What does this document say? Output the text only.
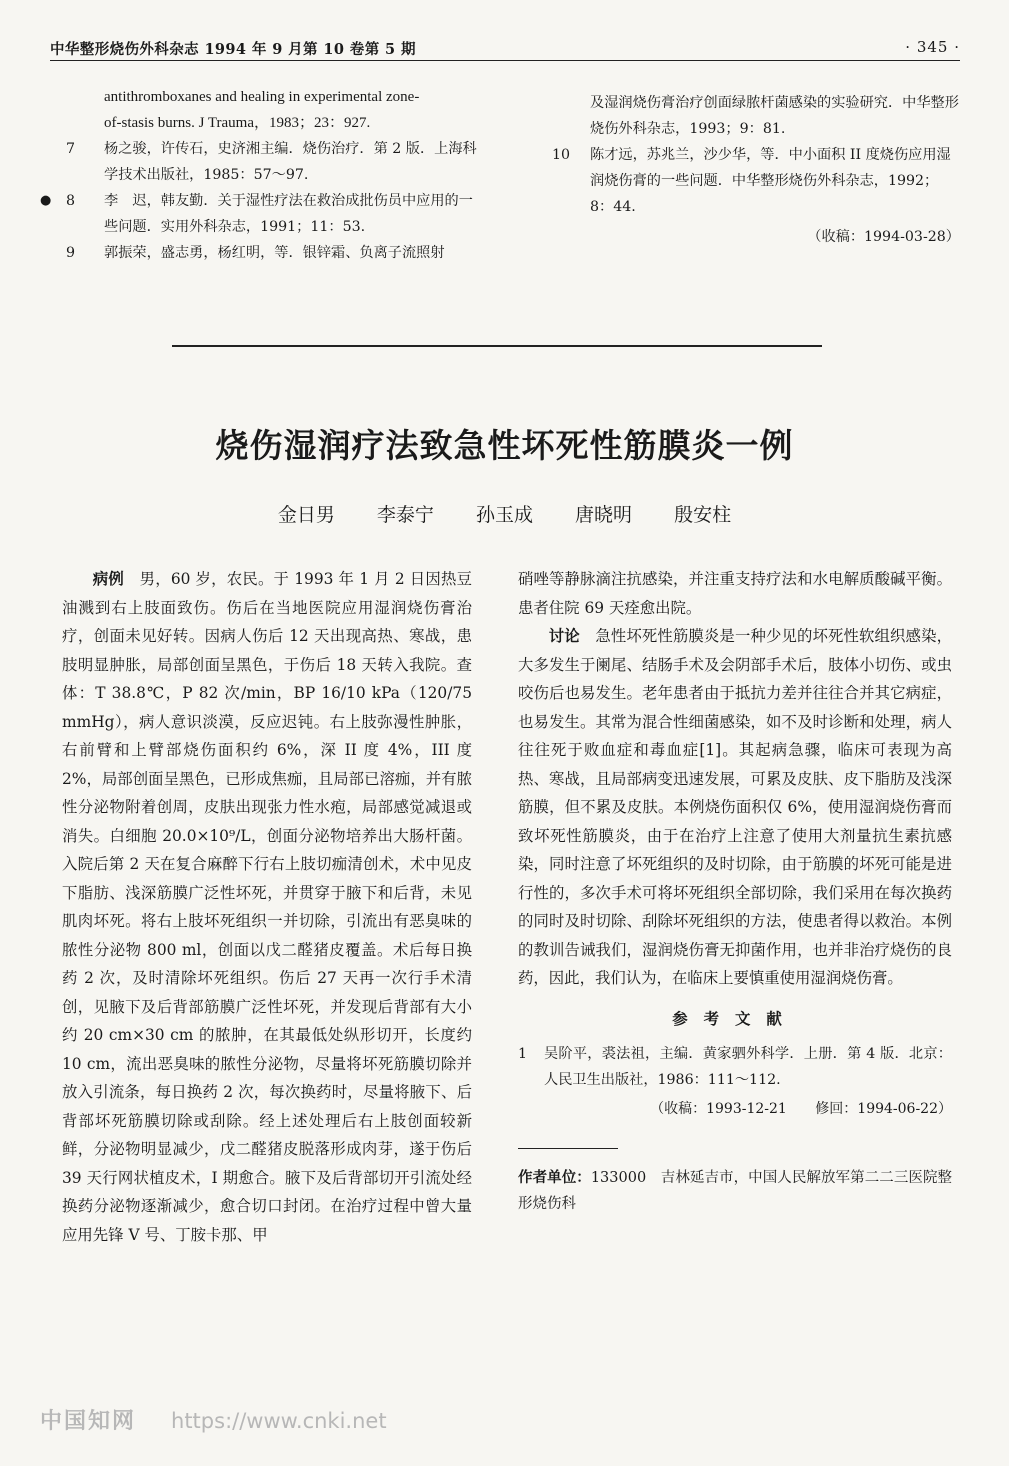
中华整形烧伤外科杂志 1994 年 9 月第 10 卷第 5 期	· 345 ·
antithromboxanes and healing in experimental zone-
of-stasis burns. J Trauma，1983；23：927.
7	杨之骏，许传石，史济湘主编．烧伤治疗．第 2 版．上海科学技术出版社，1985：57～97.
● 8	李　迟，韩友勤．关于湿性疗法在救治成批伤员中应用的一些问题．实用外科杂志，1991；11：53.
9	郭振荣，盛志勇，杨红明，等．银锌霜、负离子流照射
及湿润烧伤膏治疗创面绿脓杆菌感染的实验研究．中华整形烧伤外科杂志，1993；9：81.
10	陈才远，苏兆兰，沙少华，等．中小面积 II 度烧伤应用湿润烧伤膏的一些问题．中华整形烧伤外科杂志，1992；8：44.
（收稿：1994-03-28）
烧伤湿润疗法致急性坏死性筋膜炎一例
金日男 李泰宁 孙玉成 唐晓明 殷安柱

病例　 男，60 岁，农民。于 1993 年 1 月 2 日因热豆油溅到右上肢面致伤。伤后在当地医院应用湿润烧伤膏治疗，创面未见好转。因病人伤后 12 天出现高热、寒战，患肢明显肿胀，局部创面呈黑色，于伤后 18 天转入我院。查体：T 38.8℃，P 82 次/min，BP 16/10 kPa（120/75 mmHg），病人意识淡漠，反应迟钝。右上肢弥漫性肿胀，右前臂和上臂部烧伤面积约 6%，深 II 度 4%，III 度 2%，局部创面呈黑色，已形成焦痂，且局部已溶痂，并有脓性分泌物附着创周，皮肤出现张力性水疱，局部感觉减退或消失。白细胞 20.0×10⁹/L，创面分泌物培养出大肠杆菌。入院后第 2 天在复合麻醉下行右上肢切痂清创术，术中见皮下脂肪、浅深筋膜广泛性坏死，并贯穿于腋下和后背，未见肌肉坏死。将右上肢坏死组织一并切除，引流出有恶臭味的脓性分泌物 800 ml，创面以戊二醛猪皮覆盖。术后每日换药 2 次，及时清除坏死组织。伤后 27 天再一次行手术清创，见腋下及后背部筋膜广泛性坏死，并发现后背部有大小约 20 cm×30 cm 的脓肿，在其最低处纵形切开，长度约 10 cm，流出恶臭味的脓性分泌物，尽量将坏死筋膜切除并放入引流条，每日换药 2 次，每次换药时，尽量将腋下、后背部坏死筋膜切除或刮除。经上述处理后右上肢创面较新鲜，分泌物明显减少，戊二醛猪皮脱落形成肉芽，遂于伤后 39 天行网状植皮术，I 期愈合。腋下及后背部切开引流处经换药分泌物逐渐减少，愈合切口封闭。在治疗过程中曾大量应用先锋 V 号、丁胺卡那、甲

硝唑等静脉滴注抗感染，并注重支持疗法和水电解质酸碱平衡。患者住院 69 天痊愈出院。

讨论　 急性坏死性筋膜炎是一种少见的坏死性软组织感染，大多发生于阑尾、结肠手术及会阴部手术后，肢体小切伤、或虫咬伤后也易发生。老年患者由于抵抗力差并往往合并其它病症，也易发生。其常为混合性细菌感染，如不及时诊断和处理，病人往往死于败血症和毒血症[1]。其起病急骤，临床可表现为高热、寒战，且局部病变迅速发展，可累及皮肤、皮下脂肪及浅深筋膜，但不累及皮肤。本例烧伤面积仅 6%，使用湿润烧伤膏而致坏死性筋膜炎，由于在治疗上注意了使用大剂量抗生素抗感染，同时注意了坏死组织的及时切除，由于筋膜的坏死可能是进行性的，多次手术可将坏死组织全部切除，我们采用在每次换药的同时及时切除、刮除坏死组织的方法，使患者得以救治。本例的教训告诫我们，湿润烧伤膏无抑菌作用，也并非治疗烧伤的良药，因此，我们认为，在临床上要慎重使用湿润烧伤膏。

参考文献
1	吴阶平，裘法祖，主编．黄家驷外科学．上册．第 4 版．北京：人民卫生出版社，1986：111～112.
（收稿：1993-12-21 修回：1994-06-22）
作者单位：133000　吉林延吉市，中国人民解放军第二二三医院整形烧伤科
中国知网 https://www.cnki.net
